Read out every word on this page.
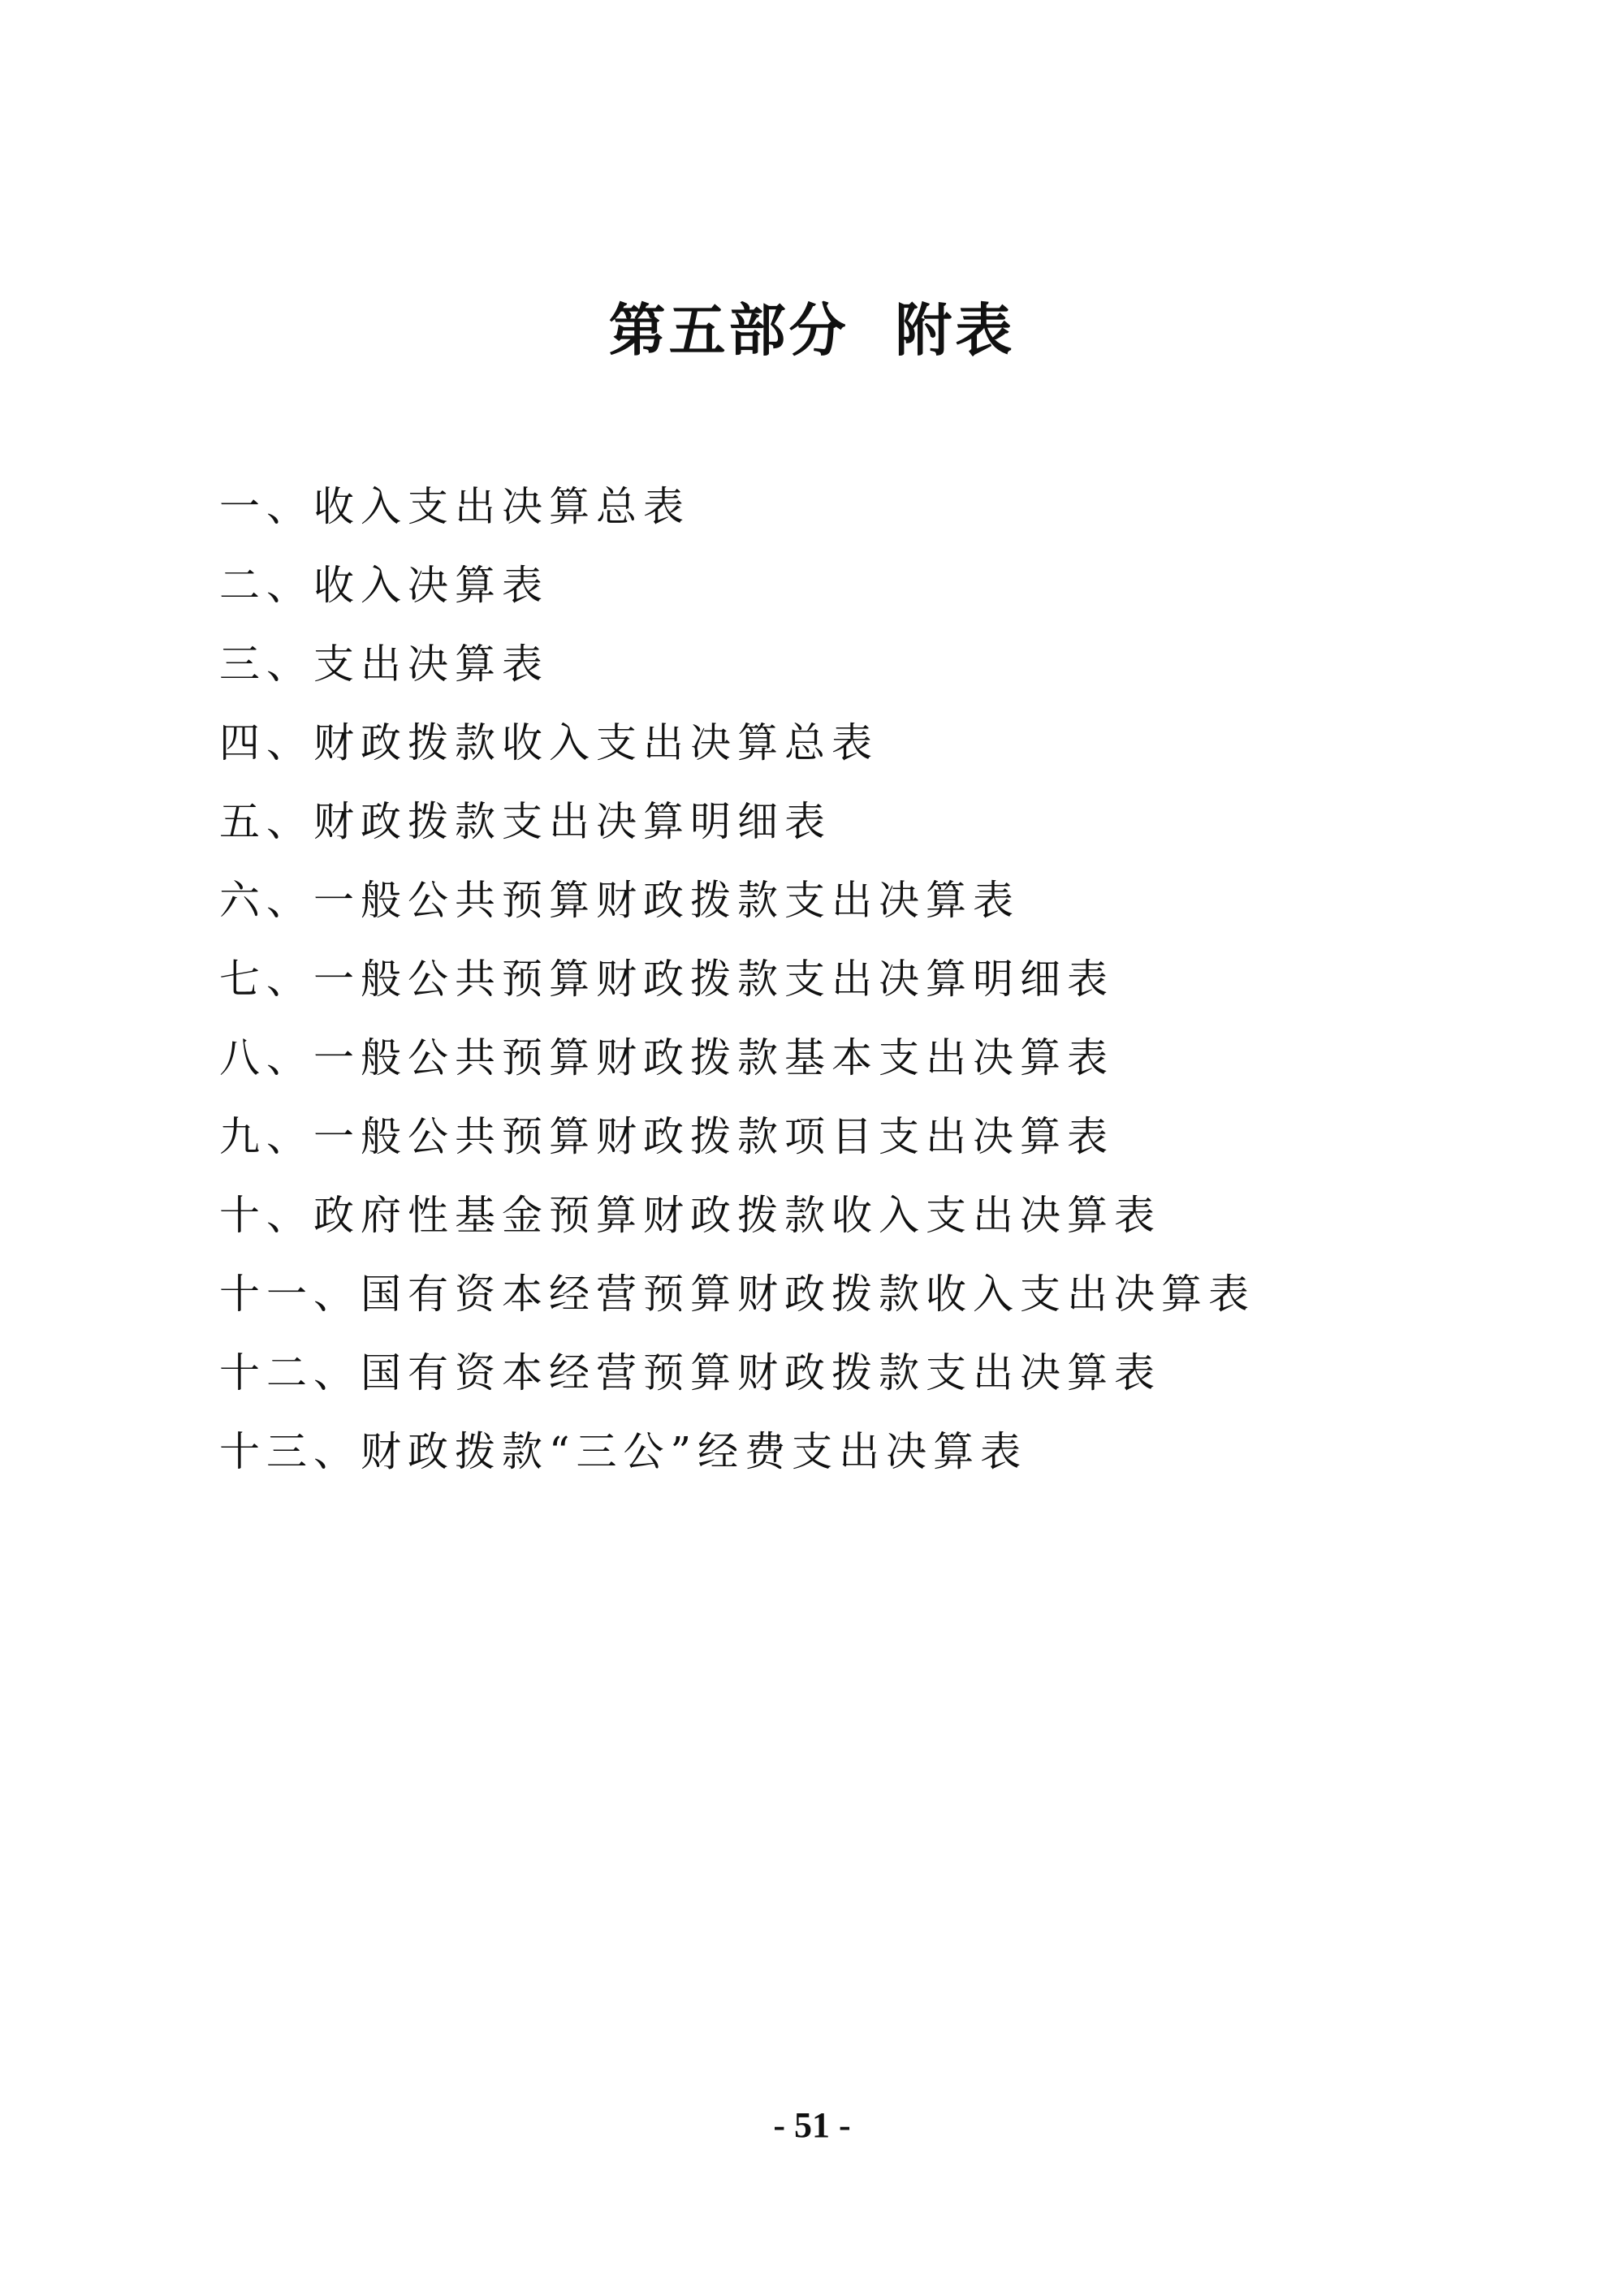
第五部分  附表
一、收入支出决算总表
二、收入决算表
三、支出决算表
四、财政拨款收入支出决算总表
五、财政拨款支出决算明细表
六、一般公共预算财政拨款支出决算表
七、一般公共预算财政拨款支出决算明细表
八、一般公共预算财政拨款基本支出决算表
九、一般公共预算财政拨款项目支出决算表
十、政府性基金预算财政拨款收入支出决算表
十一、国有资本经营预算财政拨款收入支出决算表
十二、国有资本经营预算财政拨款支出决算表
十三、财政拨款“三公”经费支出决算表
- 51 -
